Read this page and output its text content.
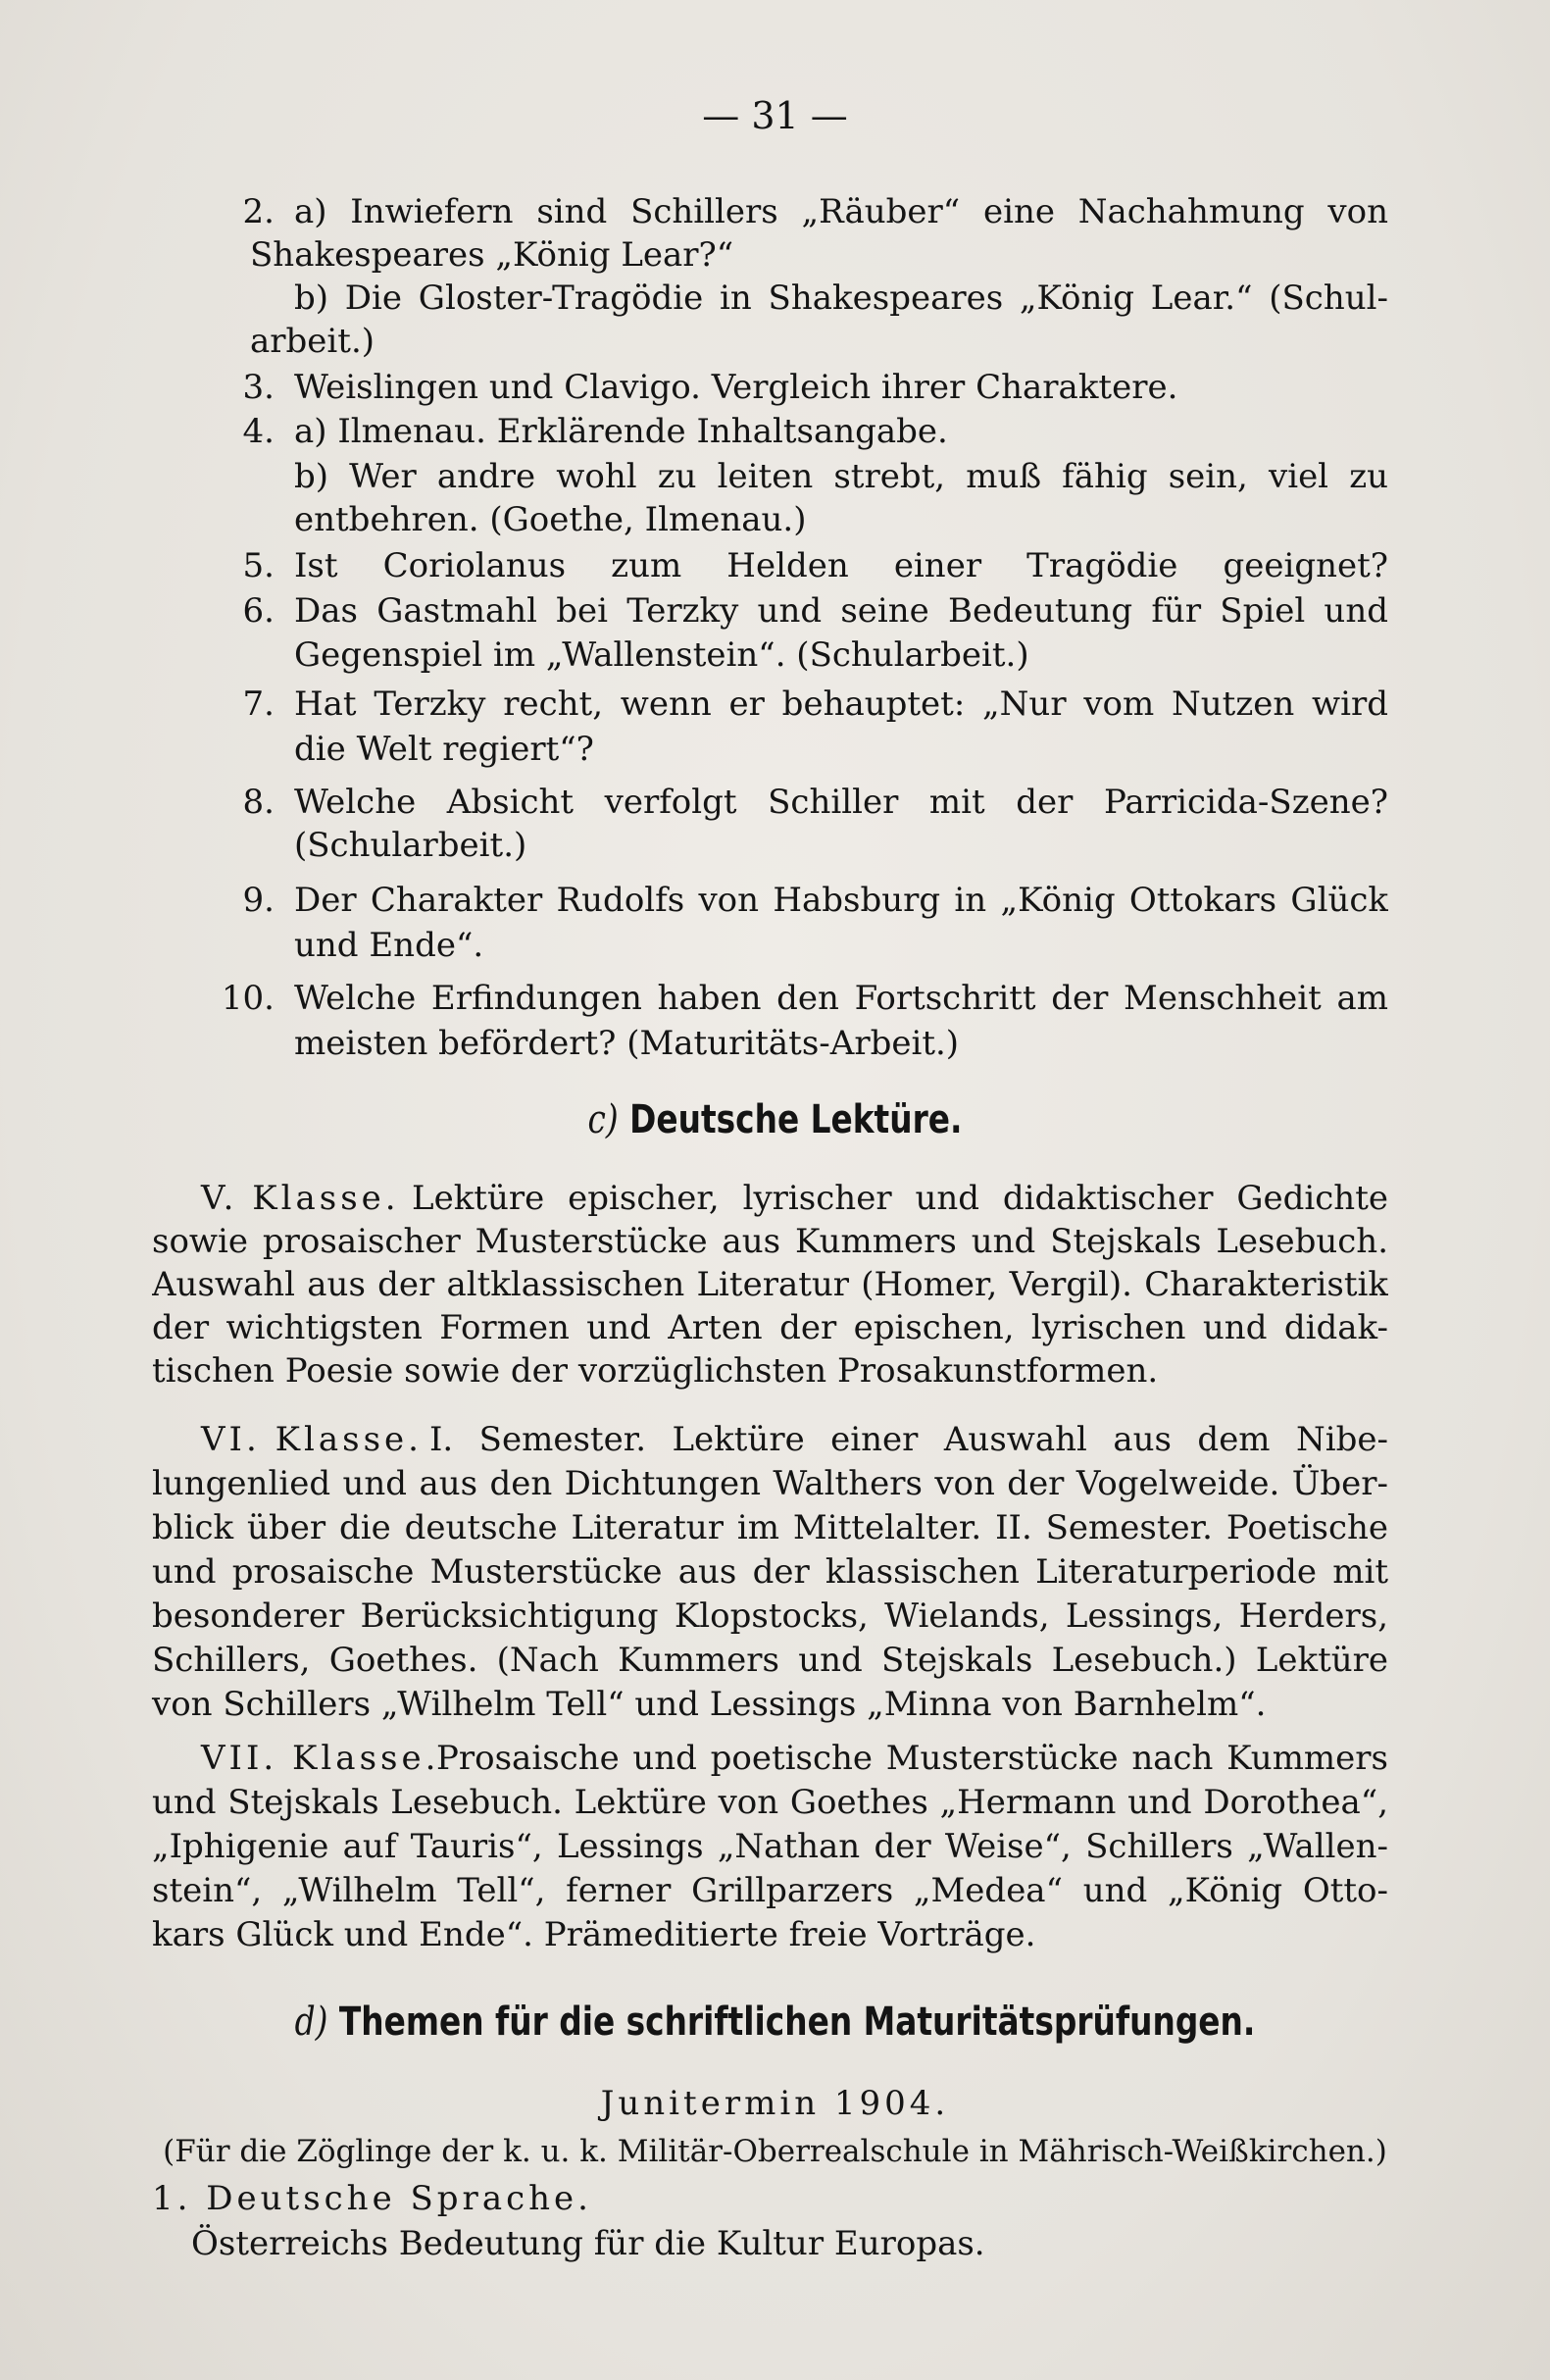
— 31 —
2. a) Inwiefern sind Schillers „Räuber“ eine Nachahmung von
Shakespeares „König Lear?“
b) Die Gloster-Tragödie in Shakespeares „König Lear.“ (Schul-
arbeit.)
3. Weislingen und Clavigo. Vergleich ihrer Charaktere.
4. a) Ilmenau. Erklärende Inhaltsangabe.
b) Wer andre wohl zu leiten strebt, muß fähig sein, viel zu
entbehren. (Goethe, Ilmenau.)
5. Ist Coriolanus zum Helden einer Tragödie geeignet?
6. Das Gastmahl bei Terzky und seine Bedeutung für Spiel und
Gegenspiel im „Wallenstein“. (Schularbeit.)
7. Hat Terzky recht, wenn er behauptet: „Nur vom Nutzen wird
die Welt regiert“?
8. Welche Absicht verfolgt Schiller mit der Parricida-Szene?
(Schularbeit.)
9. Der Charakter Rudolfs von Habsburg in „König Ottokars Glück
und Ende“.
10. Welche Erfindungen haben den Fortschritt der Menschheit am
meisten befördert? (Maturitäts-Arbeit.)
c) Deutsche Lektüre.
V. Klasse. Lektüre epischer, lyrischer und didaktischer Gedichte
sowie prosaischer Musterstücke aus Kummers und Stejskals Lesebuch.
Auswahl aus der altklassischen Literatur (Homer, Vergil). Charakteristik
der wichtigsten Formen und Arten der epischen, lyrischen und didak-
tischen Poesie sowie der vorzüglichsten Prosakunstformen.
VI. Klasse. I. Semester. Lektüre einer Auswahl aus dem Nibe-
lungenlied und aus den Dichtungen Walthers von der Vogelweide. Über-
blick über die deutsche Literatur im Mittelalter. II. Semester. Poetische
und prosaische Musterstücke aus der klassischen Literaturperiode mit
besonderer Berücksichtigung Klopstocks, Wielands, Lessings, Herders,
Schillers, Goethes. (Nach Kummers und Stejskals Lesebuch.) Lektüre
von Schillers „Wilhelm Tell“ und Lessings „Minna von Barnhelm“.
VII. Klasse.
Prosaische und poetische Musterstücke nach Kummers
und Stejskals Lesebuch. Lektüre von Goethes „Hermann und Dorothea“,
„Iphigenie auf Tauris“, Lessings „Nathan der Weise“, Schillers „Wallen-
stein“, „Wilhelm Tell“, ferner Grillparzers „Medea“ und „König Otto-
kars Glück und Ende“. Prämeditierte freie Vorträge.
d) Themen für die schriftlichen Maturitätsprüfungen.
Junitermin 1904.
(Für die Zöglinge der k. u. k. Militär-Oberrealschule in Mährisch-Weißkirchen.)
1. Deutsche Sprache.
Österreichs Bedeutung für die Kultur Europas.
